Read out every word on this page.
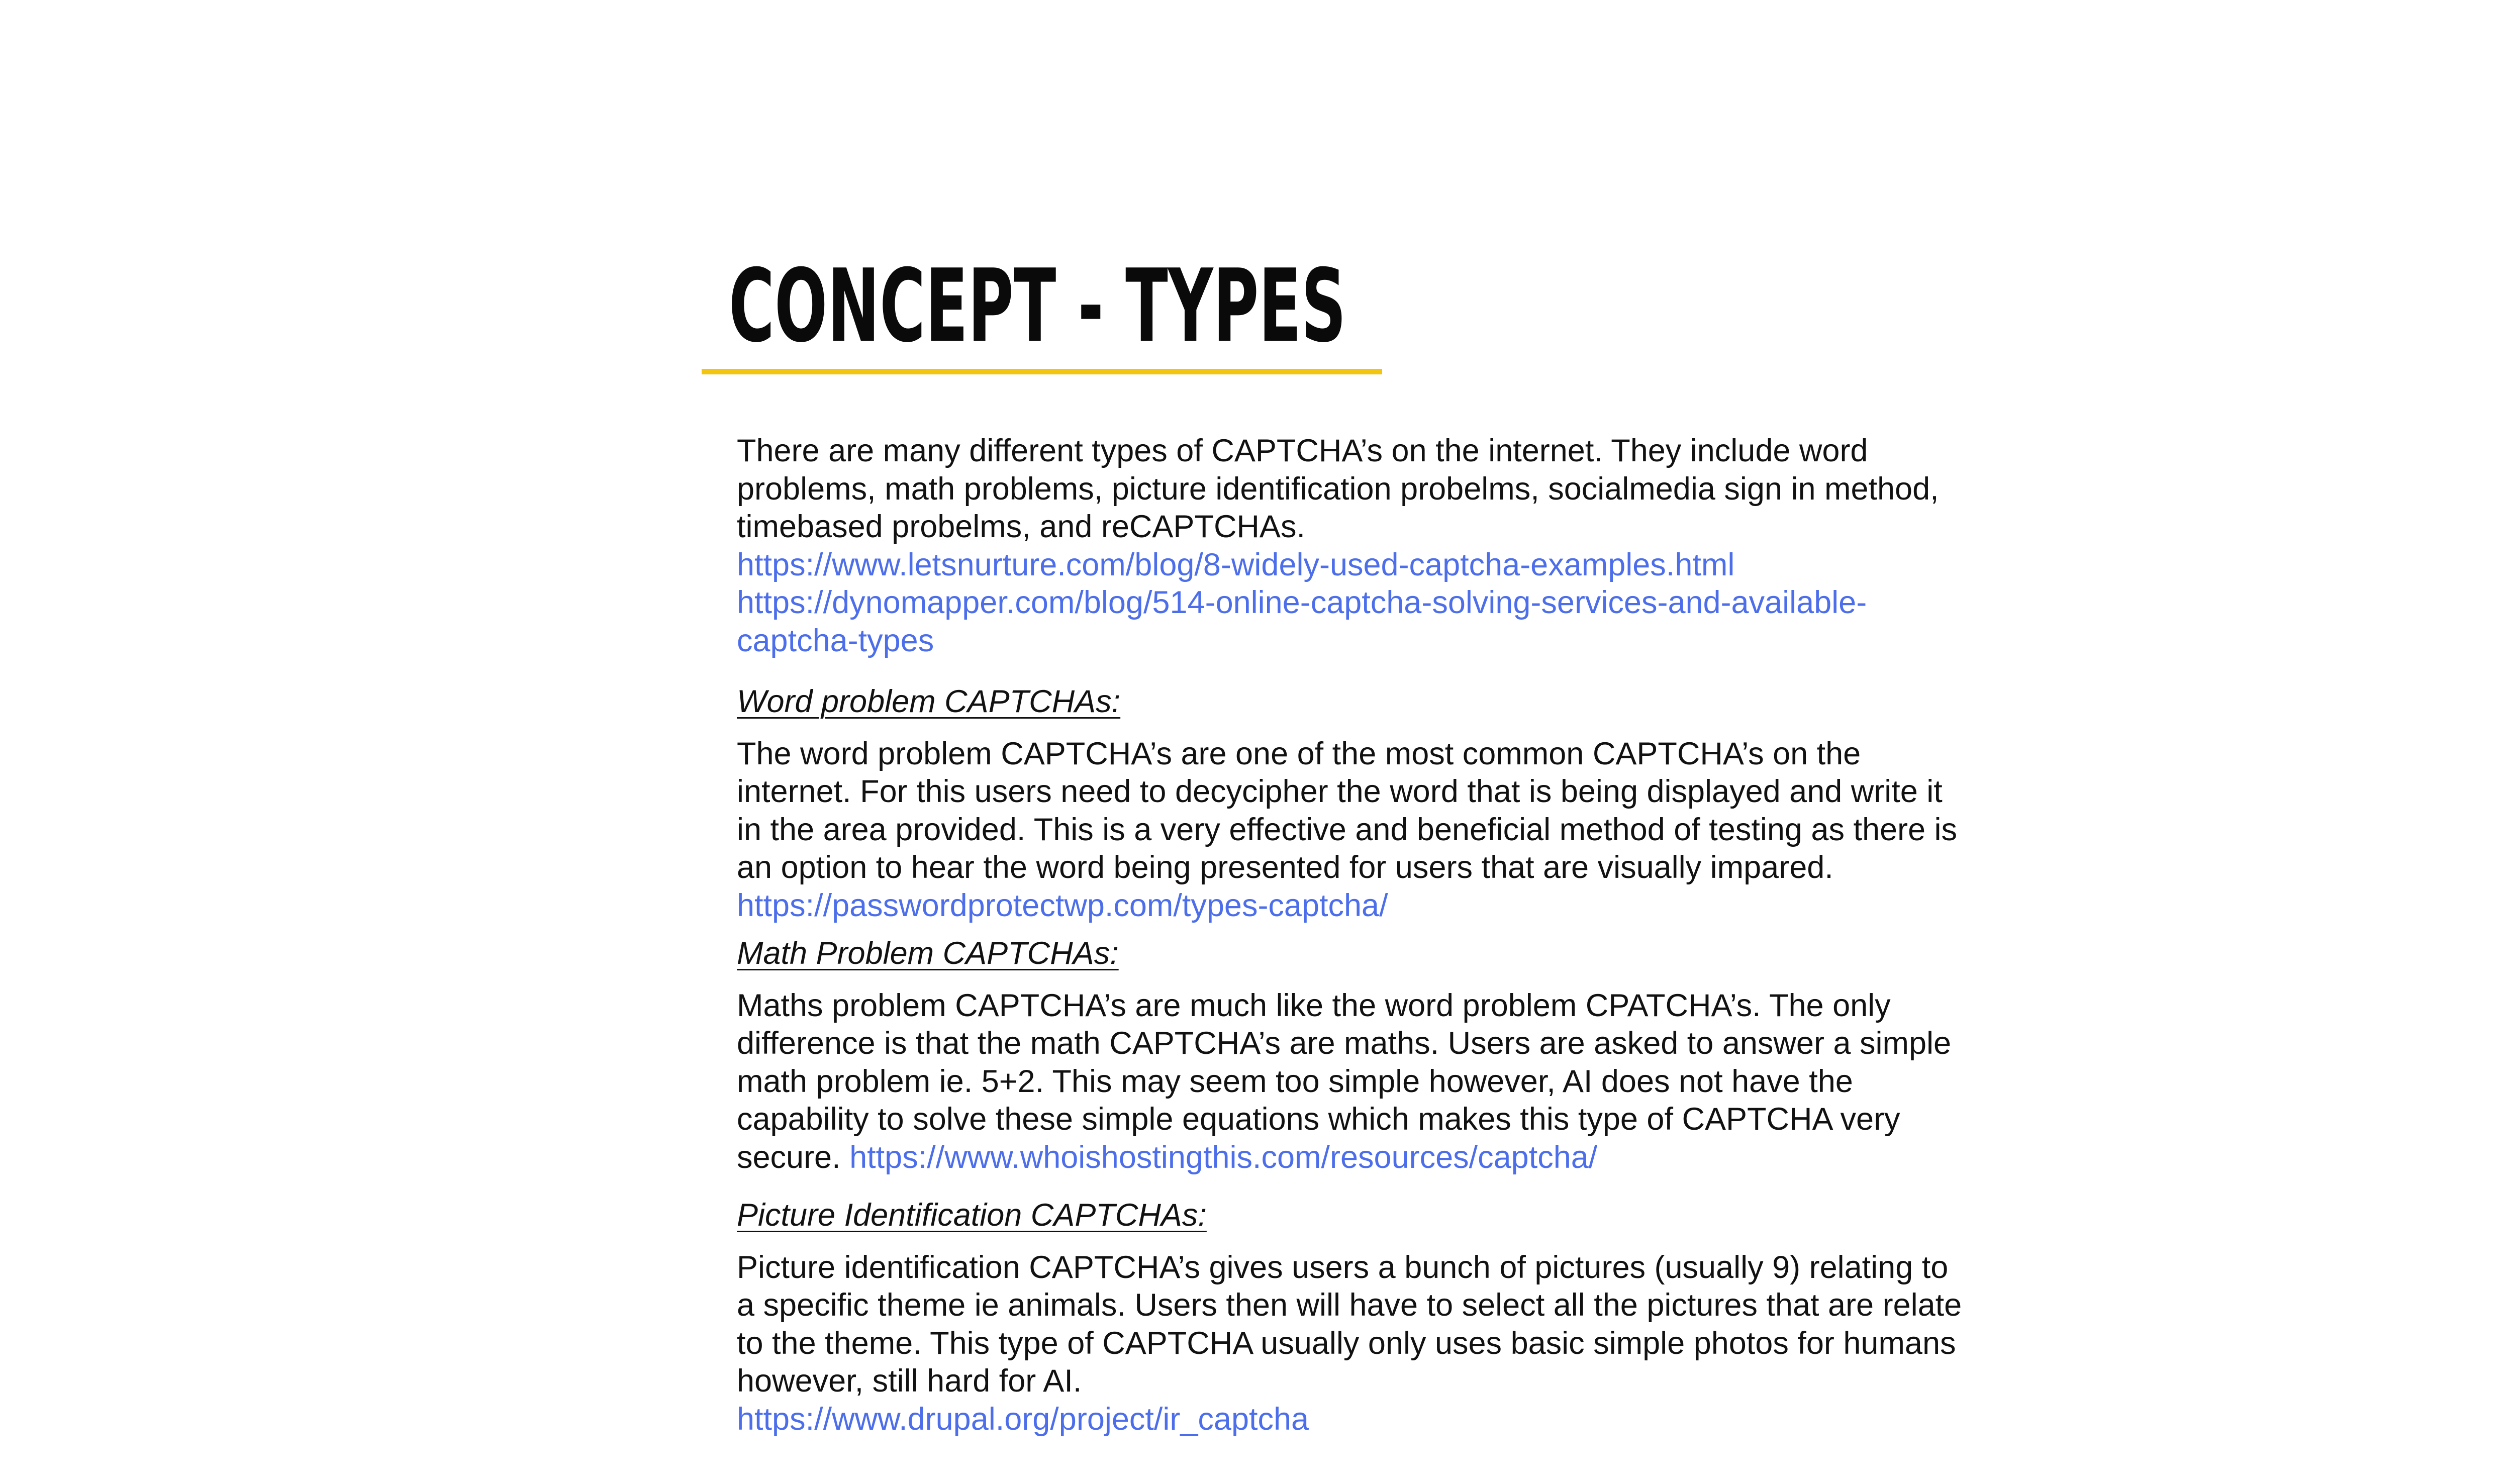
CONCEPT - TYPES

There are many different types of CAPTCHA’s on the internet. They include word problems, math problems, picture identification probelms, socialmedia sign in method, timebased probelms, and reCAPTCHAs.
https://www.letsnurture.com/blog/8-widely-used-captcha-examples.html
https://dynomapper.com/blog/514-online-captcha-solving-services-and-available-captcha-types

Word problem CAPTCHAs:

The word problem CAPTCHA’s are one of the most common CAPTCHA’s on the internet. For this users need to decycipher the word that is being displayed and write it in the area provided. This is a very effective and beneficial method of testing as there is an option to hear the word being presented for users that are visually impared.  https://passwordprotectwp.com/types-captcha/

Math Problem CAPTCHAs:

Maths problem CAPTCHA’s are much like the word problem CPATCHA’s. The only difference is that the math CAPTCHA’s are maths. Users are asked to answer a simple math problem ie. 5+2. This may seem too simple however, AI does not have the capability to solve these simple equations which makes this type of CAPTCHA very secure. https://www.whoishostingthis.com/resources/captcha/

Picture Identification CAPTCHAs:

Picture identification CAPTCHA’s gives users a bunch of pictures (usually 9) relating to a specific theme ie animals. Users then will have to select all the pictures that are relate to the theme. This type of CAPTCHA usually only uses basic simple photos for humans however, still hard for AI.
https://www.drupal.org/project/ir_captcha
